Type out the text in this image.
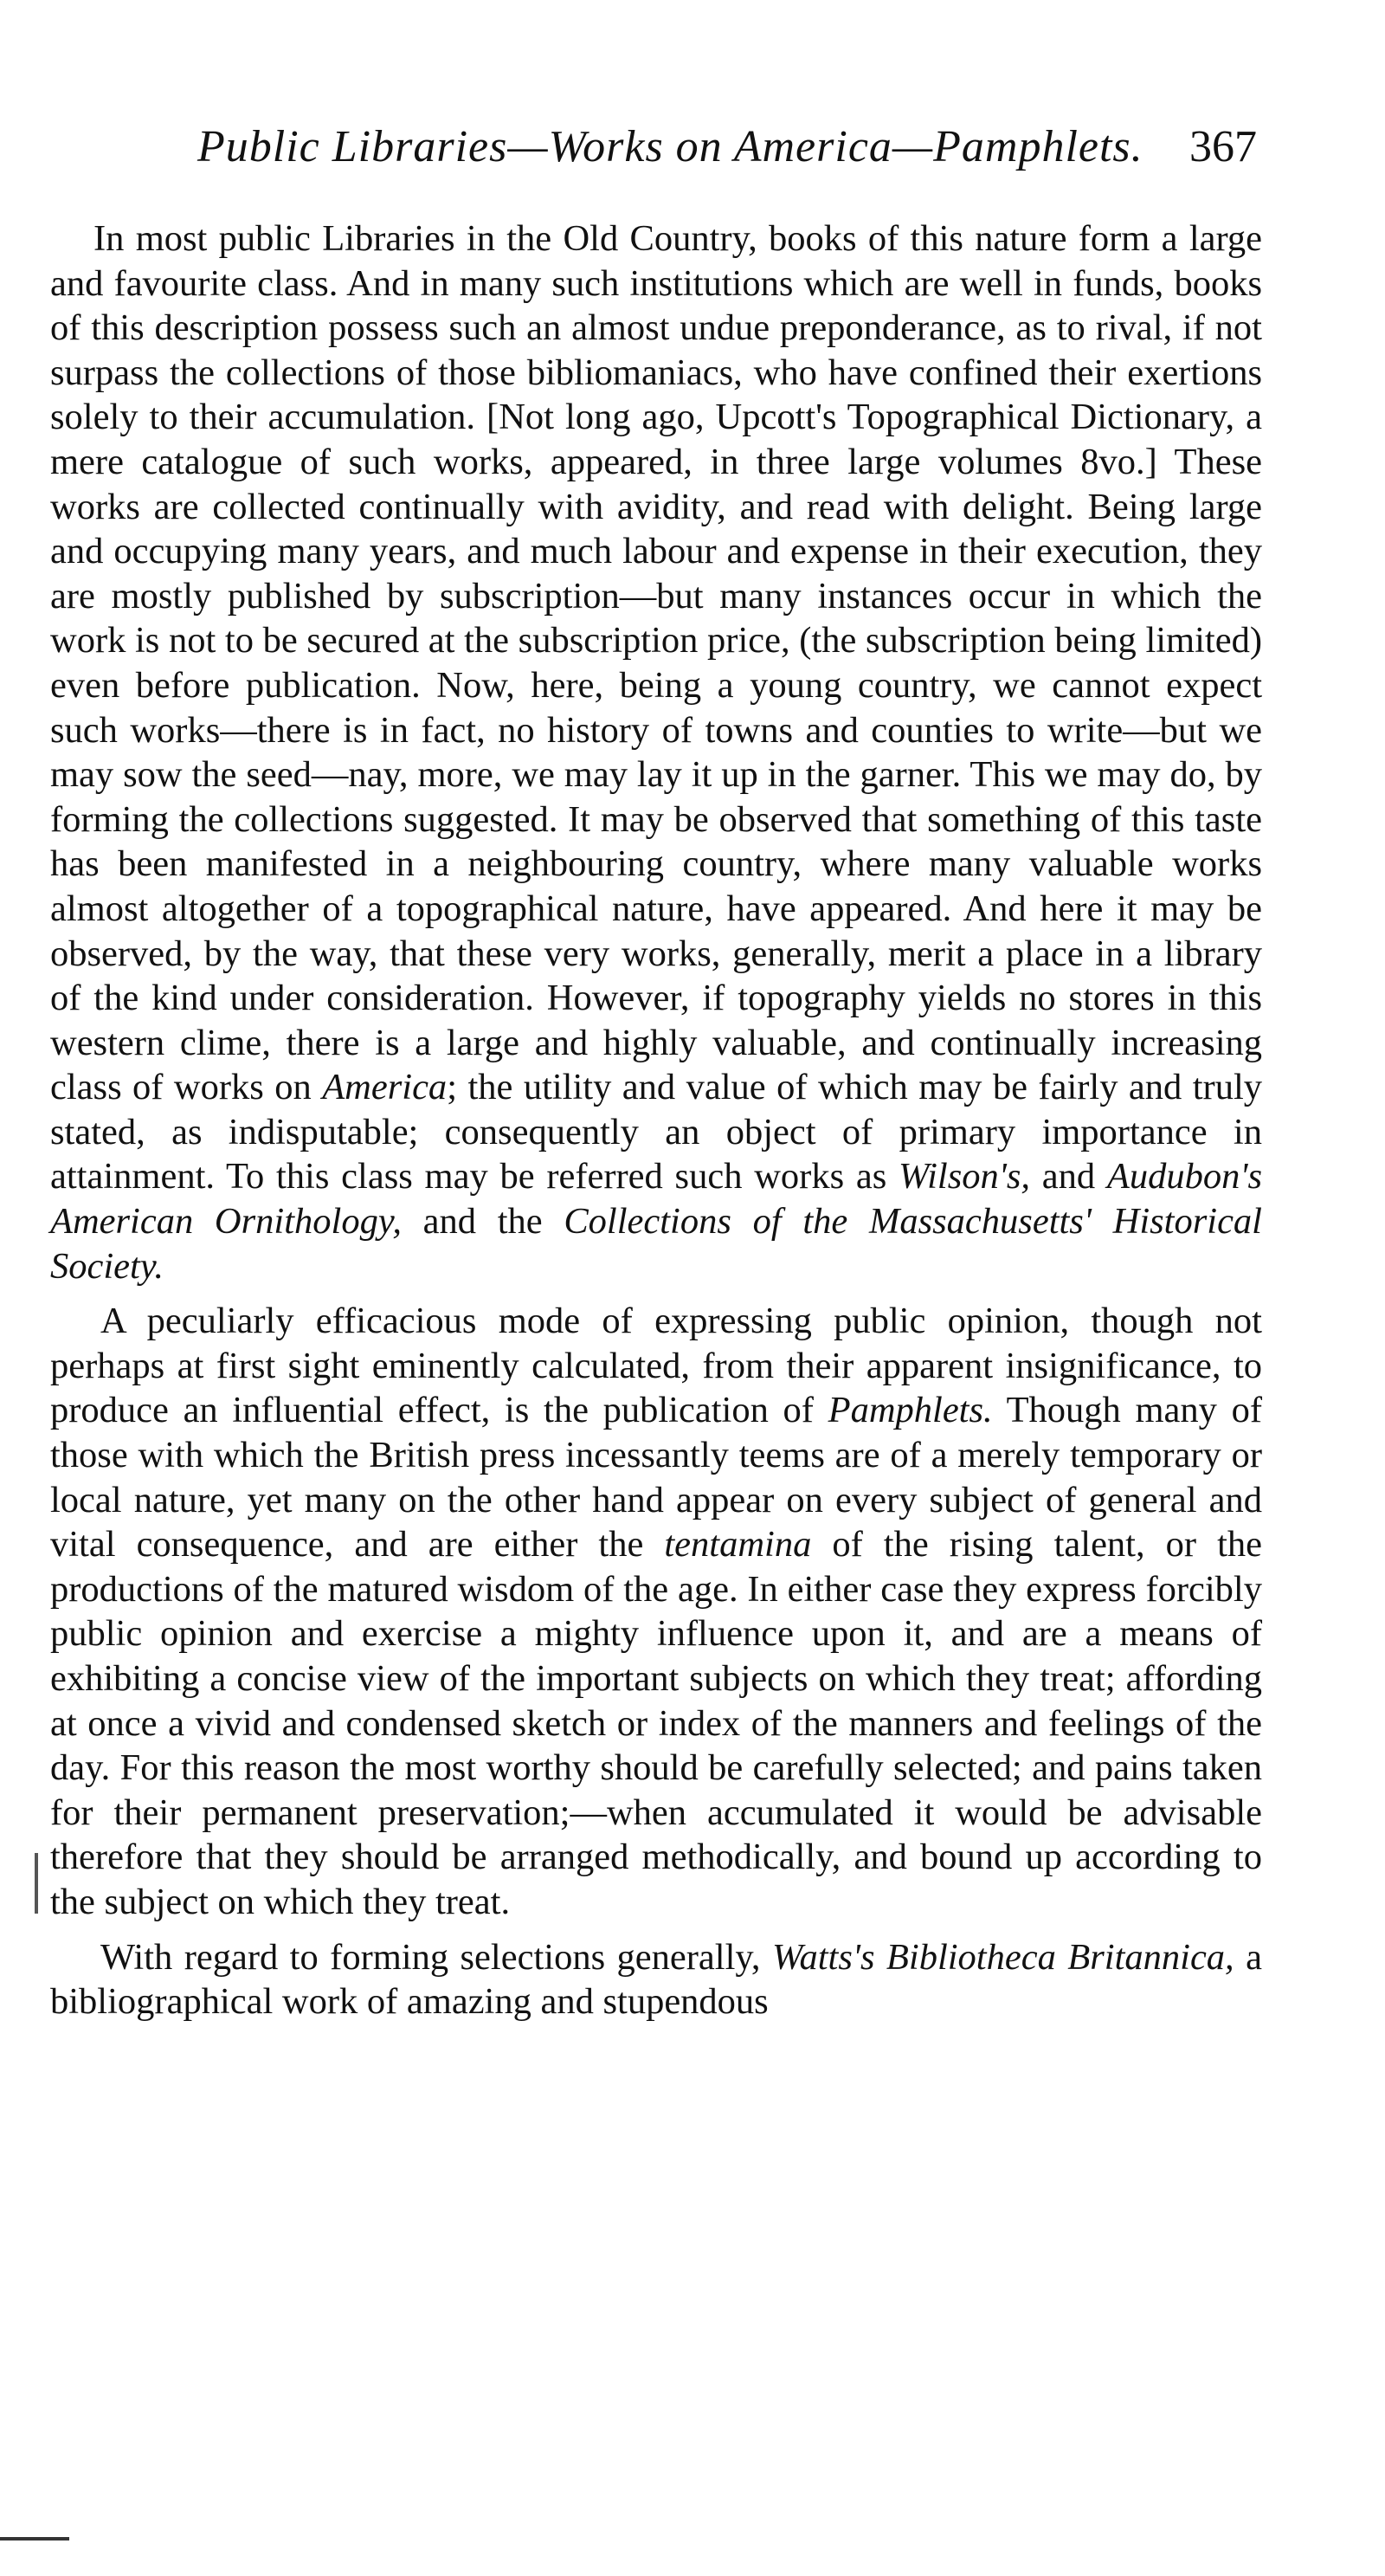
Public Libraries—Works on America—Pamphlets. 367

In most public Libraries in the Old Country, books of this nature form a large and favourite class. And in many such institutions which are well in funds, books of this description possess such an almost undue preponderance, as to rival, if not surpass the collections of those bibliomaniacs, who have confined their exertions solely to their accumulation. [Not long ago, Upcott's Topographical Dictionary, a mere catalogue of such works, appeared, in three large volumes 8vo.] These works are collected continually with avidity, and read with delight. Being large and occupying many years, and much labour and expense in their execution, they are mostly published by subscription—but many instances occur in which the work is not to be secured at the subscription price, (the subscription being limited) even before publication. Now, here, being a young country, we cannot expect such works—there is in fact, no history of towns and counties to write—but we may sow the seed—nay, more, we may lay it up in the garner. This we may do, by forming the collections suggested. It may be observed that something of this taste has been manifested in a neighbouring country, where many valuable works almost altogether of a topographical nature, have appeared. And here it may be observed, by the way, that these very works, generally, merit a place in a library of the kind under consideration. However, if topography yields no stores in this western clime, there is a large and highly valuable, and continually increasing class of works on America; the utility and value of which may be fairly and truly stated, as indisputable; consequently an object of primary importance in attainment. To this class may be referred such works as Wilson's, and Audubon's American Ornithology, and the Collections of the Massachusetts' Historical Society.

A peculiarly efficacious mode of expressing public opinion, though not perhaps at first sight eminently calculated, from their apparent insignificance, to produce an influential effect, is the publication of Pamphlets. Though many of those with which the British press incessantly teems are of a merely temporary or local nature, yet many on the other hand appear on every subject of general and vital consequence, and are either the tentamina of the rising talent, or the productions of the matured wisdom of the age. In either case they express forcibly public opinion and exercise a mighty influence upon it, and are a means of exhibiting a concise view of the important subjects on which they treat; affording at once a vivid and condensed sketch or index of the manners and feelings of the day. For this reason the most worthy should be carefully selected; and pains taken for their permanent preservation;—when accumulated it would be advisable therefore that they should be arranged methodically, and bound up according to the subject on which they treat.

With regard to forming selections generally, Watts's Bibliotheca Britannica, a bibliographical work of amazing and stupendous
